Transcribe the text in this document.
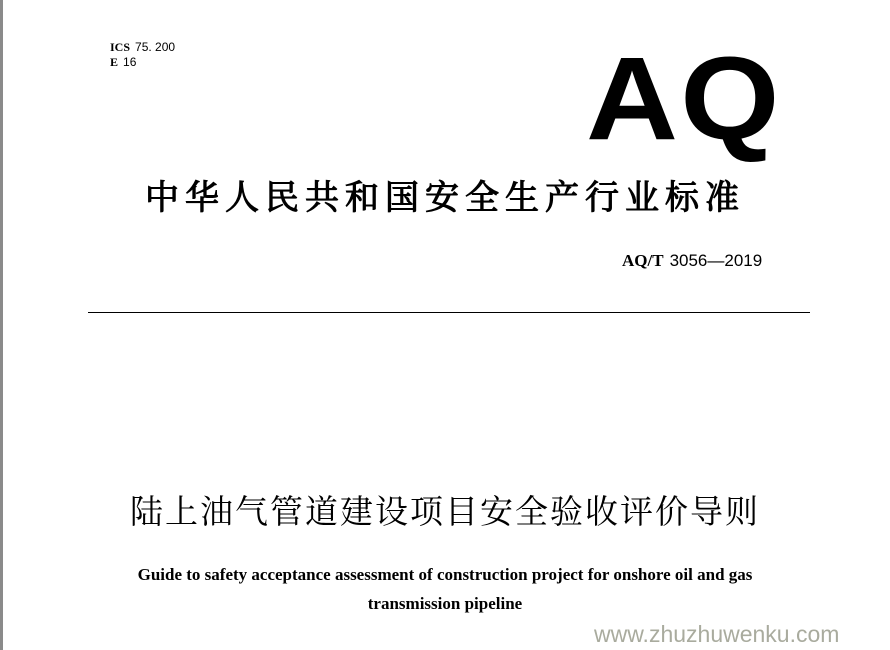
ICS 75. 200
E 16	AQ
中华人民共和国安全生产行业标准
AQ/T 3056—2019
陆上油气管道建设项目安全验收评价导则
Guide to safety acceptance assessment of construction project for onshore oil and gas
transmission pipeline
www.zhuzhuwenku.com
